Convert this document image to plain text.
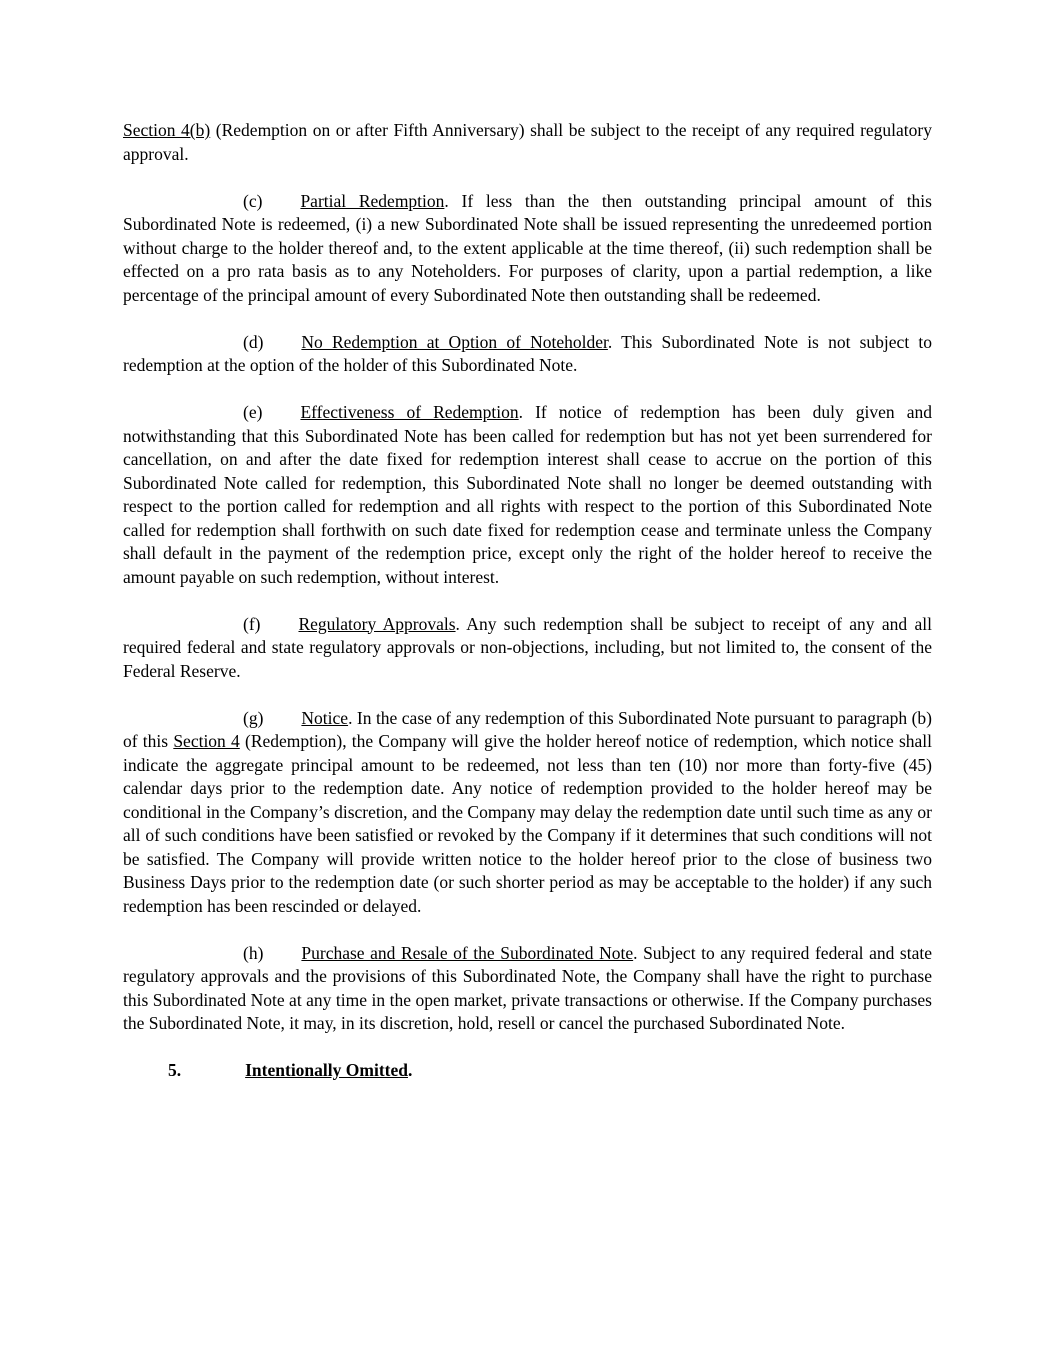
Section 4(b) (Redemption on or after Fifth Anniversary) shall be subject to the receipt of any required regulatory approval.

(c) Partial Redemption. If less than the then outstanding principal amount of this Subordinated Note is redeemed, (i) a new Subordinated Note shall be issued representing the unredeemed portion without charge to the holder thereof and, to the extent applicable at the time thereof, (ii) such redemption shall be effected on a pro rata basis as to any Noteholders. For purposes of clarity, upon a partial redemption, a like percentage of the principal amount of every Subordinated Note then outstanding shall be redeemed.

(d) No Redemption at Option of Noteholder. This Subordinated Note is not subject to redemption at the option of the holder of this Subordinated Note.

(e) Effectiveness of Redemption. If notice of redemption has been duly given and notwithstanding that this Subordinated Note has been called for redemption but has not yet been surrendered for cancellation, on and after the date fixed for redemption interest shall cease to accrue on the portion of this Subordinated Note called for redemption, this Subordinated Note shall no longer be deemed outstanding with respect to the portion called for redemption and all rights with respect to the portion of this Subordinated Note called for redemption shall forthwith on such date fixed for redemption cease and terminate unless the Company shall default in the payment of the redemption price, except only the right of the holder hereof to receive the amount payable on such redemption, without interest.

(f) Regulatory Approvals. Any such redemption shall be subject to receipt of any and all required federal and state regulatory approvals or non-objections, including, but not limited to, the consent of the Federal Reserve.

(g) Notice. In the case of any redemption of this Subordinated Note pursuant to paragraph (b) of this Section 4 (Redemption), the Company will give the holder hereof notice of redemption, which notice shall indicate the aggregate principal amount to be redeemed, not less than ten (10) nor more than forty-five (45) calendar days prior to the redemption date. Any notice of redemption provided to the holder hereof may be conditional in the Company’s discretion, and the Company may delay the redemption date until such time as any or all of such conditions have been satisfied or revoked by the Company if it determines that such conditions will not be satisfied. The Company will provide written notice to the holder hereof prior to the close of business two Business Days prior to the redemption date (or such shorter period as may be acceptable to the holder) if any such redemption has been rescinded or delayed.

(h) Purchase and Resale of the Subordinated Note. Subject to any required federal and state regulatory approvals and the provisions of this Subordinated Note, the Company shall have the right to purchase this Subordinated Note at any time in the open market, private transactions or otherwise. If the Company purchases the Subordinated Note, it may, in its discretion, hold, resell or cancel the purchased Subordinated Note.

5.	Intentionally Omitted.
